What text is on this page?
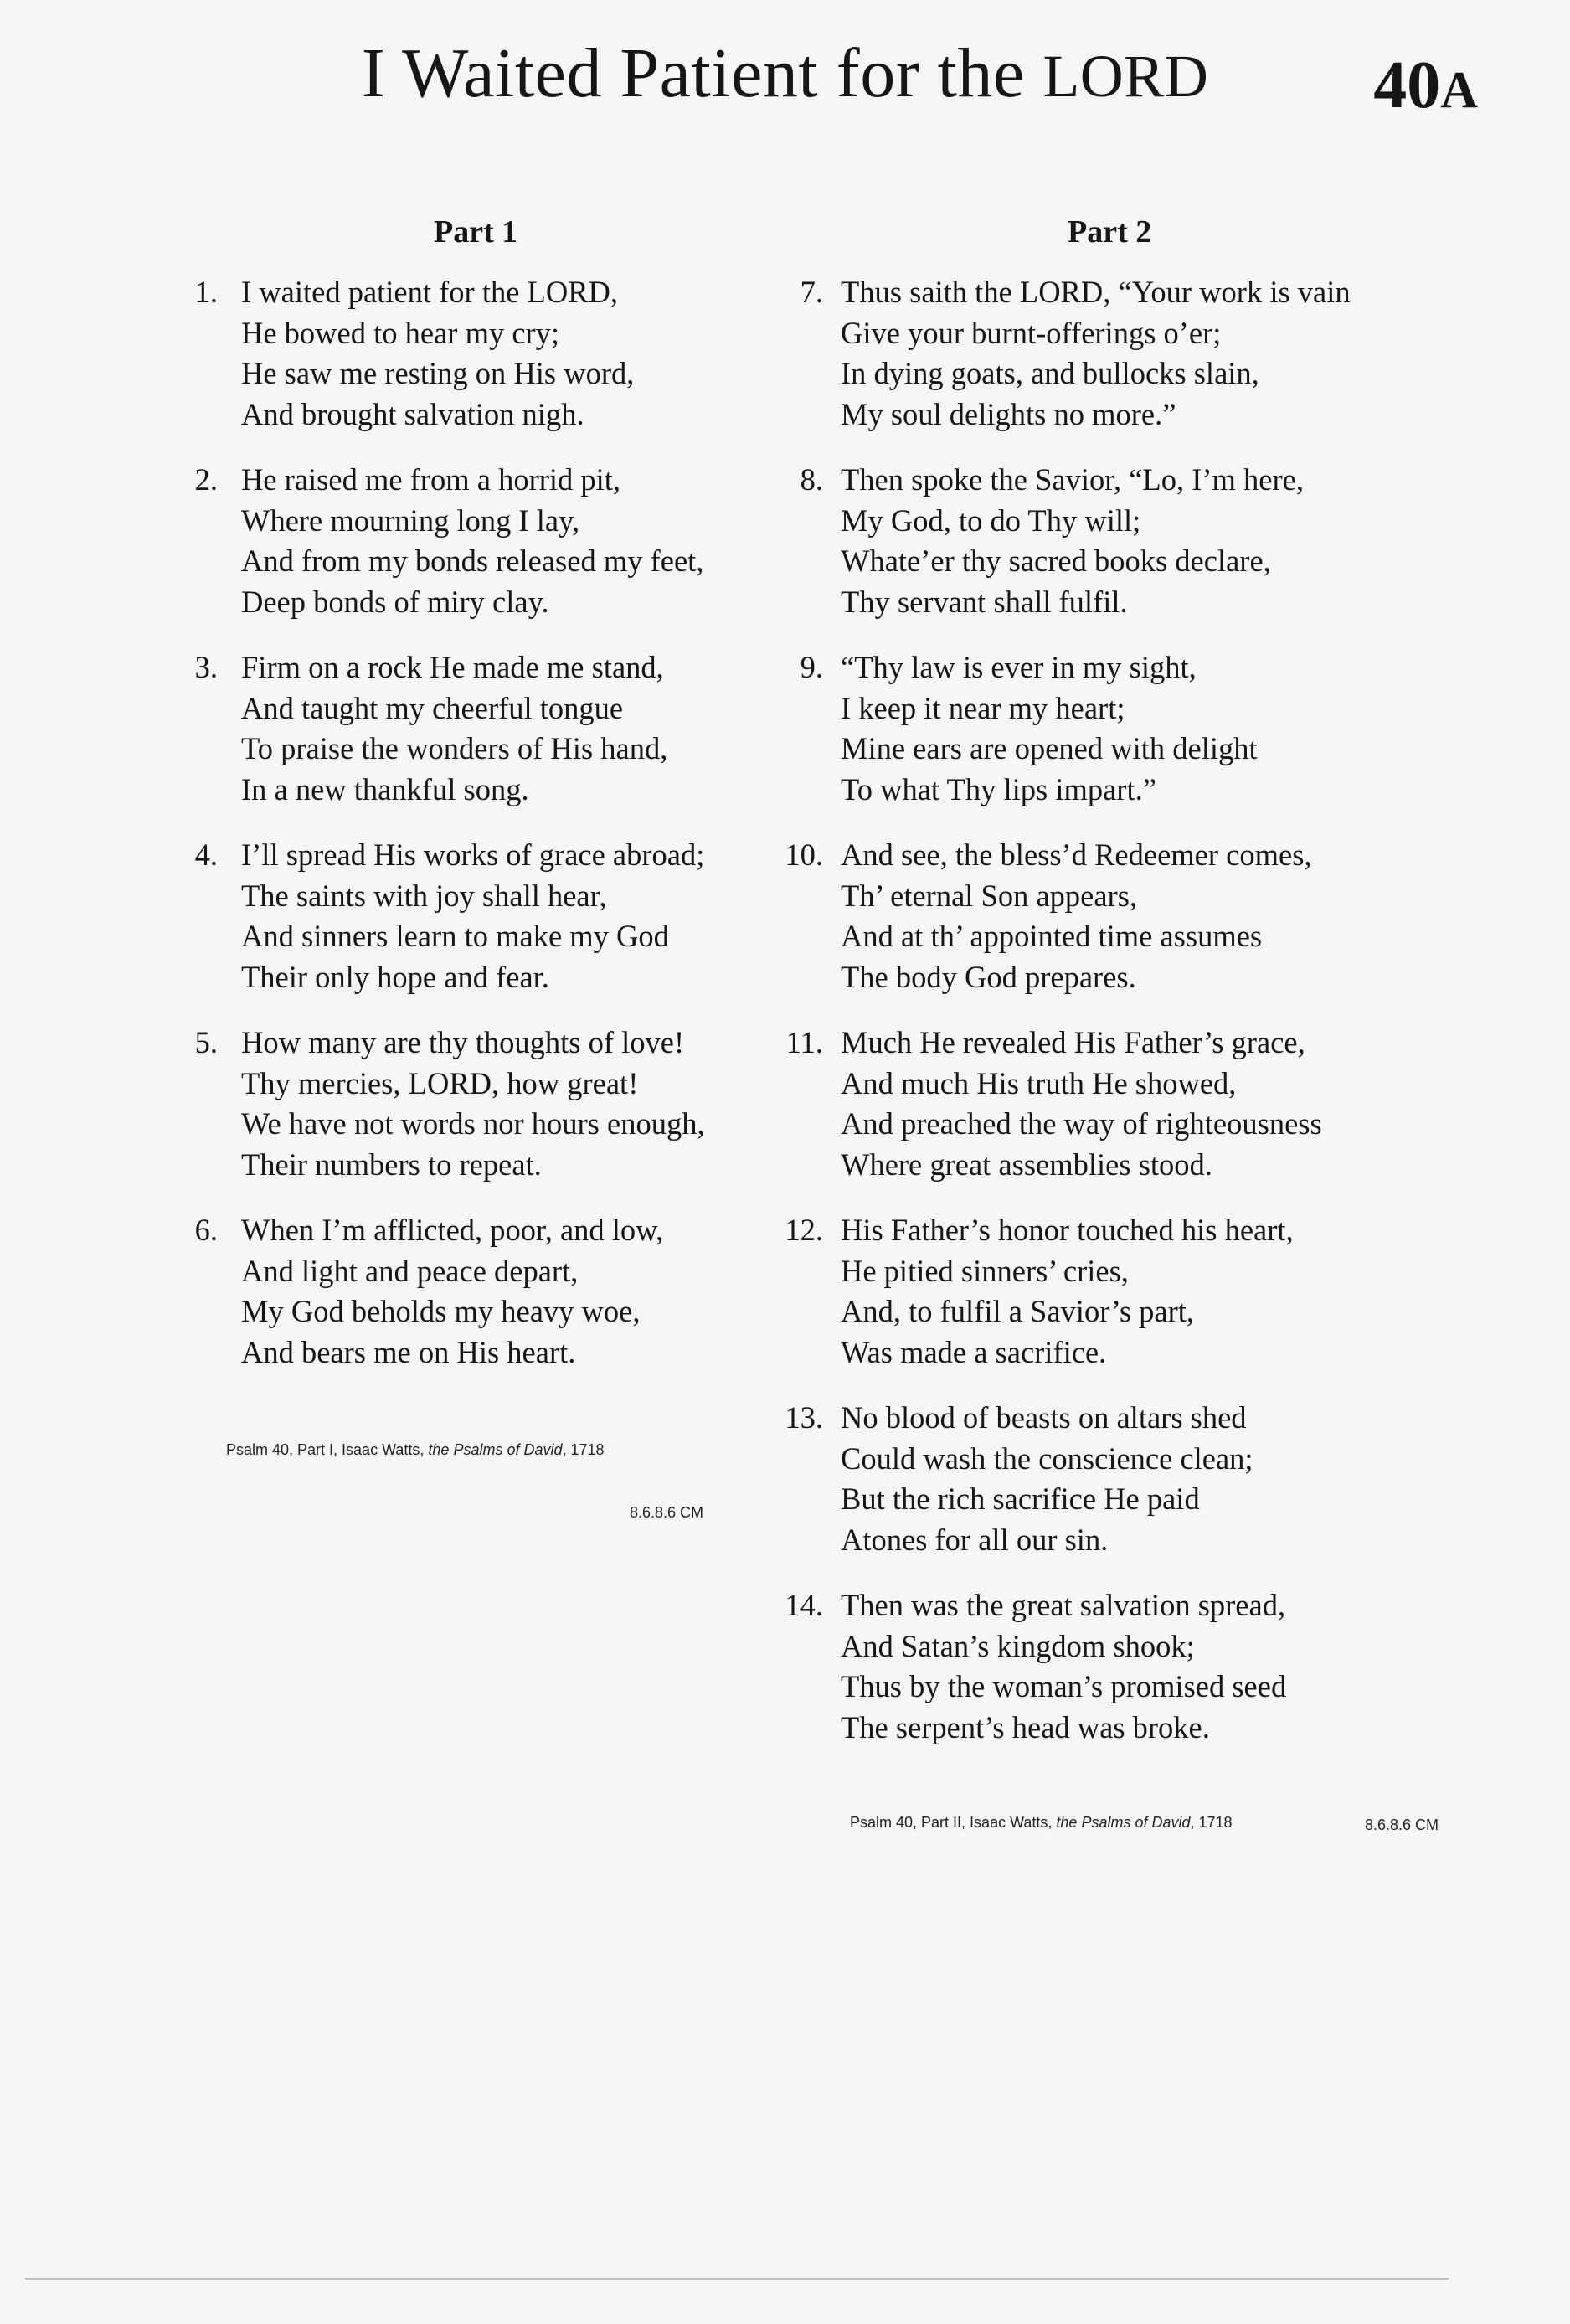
I Waited Patient for the LORD	40A
Part 1
1. I waited patient for the LORD,
He bowed to hear my cry;
He saw me resting on His word,
And brought salvation nigh.
2. He raised me from a horrid pit,
Where mourning long I lay,
And from my bonds released my feet,
Deep bonds of miry clay.
3. Firm on a rock He made me stand,
And taught my cheerful tongue
To praise the wonders of His hand,
In a new thankful song.
4. I’ll spread His works of grace abroad;
The saints with joy shall hear,
And sinners learn to make my God
Their only hope and fear.
5. How many are thy thoughts of love!
Thy mercies, LORD, how great!
We have not words nor hours enough,
Their numbers to repeat.
6. When I’m afflicted, poor, and low,
And light and peace depart,
My God beholds my heavy woe,
And bears me on His heart.
Part 2
7. Thus saith the LORD, “Your work is vain
Give your burnt-offerings o’er;
In dying goats, and bullocks slain,
My soul delights no more.”
8. Then spoke the Savior, “Lo, I’m here,
My God, to do Thy will;
Whate’er thy sacred books declare,
Thy servant shall fulfil.
9. “Thy law is ever in my sight,
I keep it near my heart;
Mine ears are opened with delight
To what Thy lips impart.”
10. And see, the bless’d Redeemer comes,
Th’ eternal Son appears,
And at th’ appointed time assumes
The body God prepares.
11. Much He revealed His Father’s grace,
And much His truth He showed,
And preached the way of righteousness
Where great assemblies stood.
12. His Father’s honor touched his heart,
He pitied sinners’ cries,
And, to fulfil a Savior’s part,
Was made a sacrifice.
13. No blood of beasts on altars shed
Could wash the conscience clean;
But the rich sacrifice He paid
Atones for all our sin.
14. Then was the great salvation spread,
And Satan’s kingdom shook;
Thus by the woman’s promised seed
The serpent’s head was broke.
Psalm 40, Part I, Isaac Watts, the Psalms of David, 1718
8.6.8.6 CM
Psalm 40, Part II, Isaac Watts, the Psalms of David, 1718	8.6.8.6 CM
